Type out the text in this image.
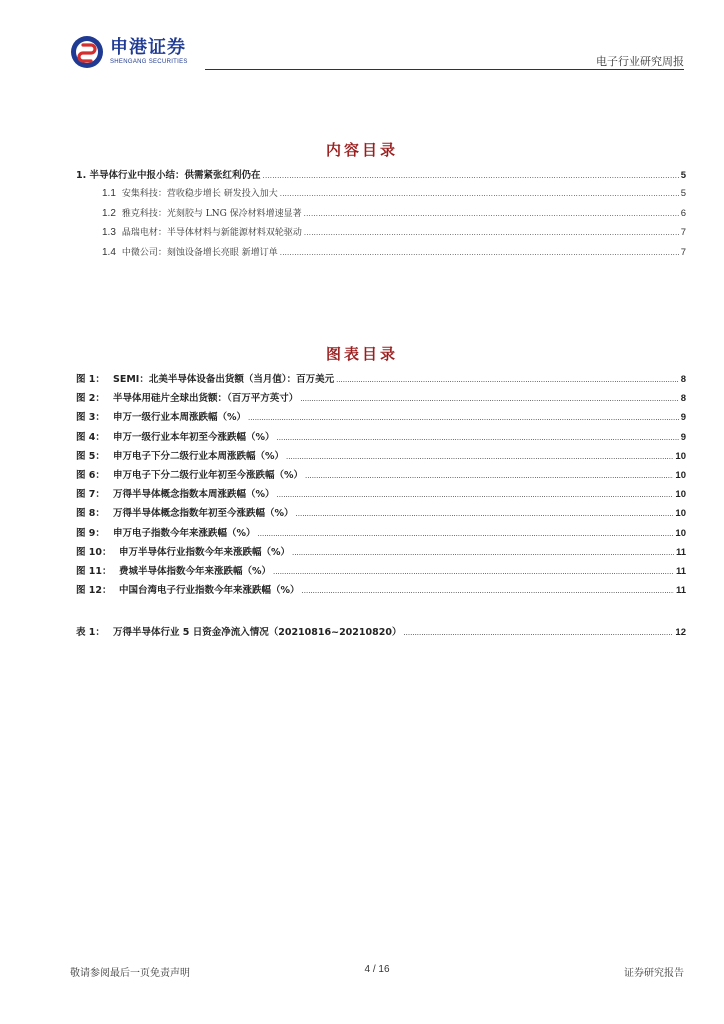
申港证券
SHENGANG SECURITIES	电子行业研究周报
内容目录
1. 半导体行业中报小结：供需紧张红利仍在 .....	5
1.1 安集科技：营收稳步增长 研发投入加大 .....	5
1.2 雅克科技：光刻胶与 LNG 保冷材料增速显著 .....	6
1.3 晶瑞电材：半导体材料与新能源材料双轮驱动 .....	7
1.4 中微公司：刻蚀设备增长亮眼 新增订单 .....	7
图表目录
图 1： SEMI：北美半导体设备出货额（当月值）：百万美元 .....	8
图 2： 半导体用硅片全球出货额：（百万平方英寸） .....	8
图 3： 申万一级行业本周涨跌幅（%） .....	9
图 4： 申万一级行业本年初至今涨跌幅（%） .....	9
图 5： 申万电子下分二级行业本周涨跌幅（%） .....	10
图 6： 申万电子下分二级行业年初至今涨跌幅（%） .....	10
图 7： 万得半导体概念指数本周涨跌幅（%） .....	10
图 8： 万得半导体概念指数年初至今涨跌幅（%） .....	10
图 9： 申万电子指数今年来涨跌幅（%） .....	10
图 10： 申万半导体行业指数今年来涨跌幅（%） .....	11
图 11： 费城半导体指数今年来涨跌幅（%） .....	11
图 12： 中国台湾电子行业指数今年来涨跌幅（%） .....	11
表 1： 万得半导体行业 5 日资金净流入情况（20210816~20210820） .....	12
敬请参阅最后一页免责声明	4 / 16	证券研究报告
